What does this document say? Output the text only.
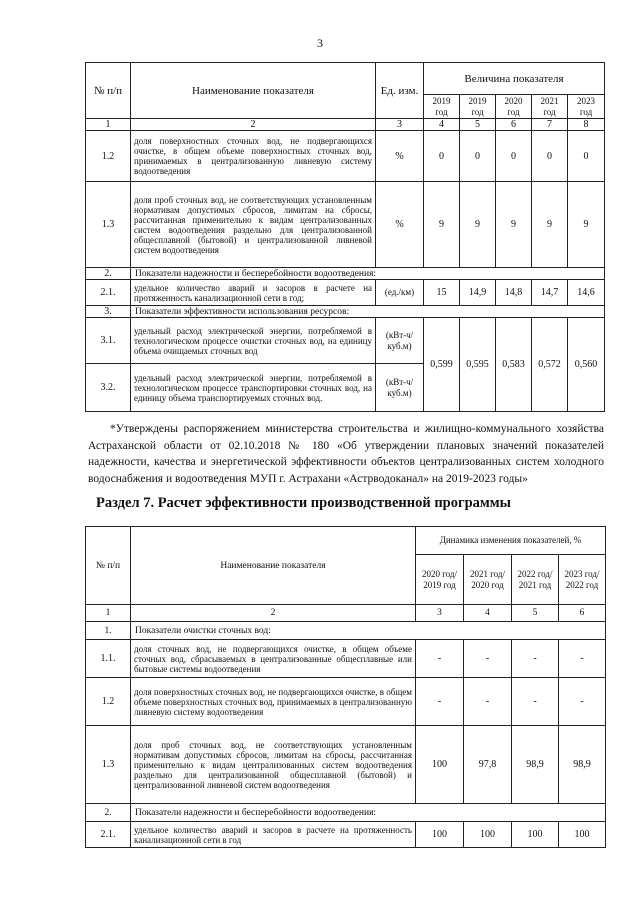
3
№ п/п	Наименование показателя	Ед. изм.	Величина показателя				
			2019 год	2019 год	2020 год	2021 год	2023 год
1	2	3	4	5	6	7	8
1.2	доля поверхностных сточных вод, не подвергающихся очистке, в общем объеме поверхностных сточных вод, принимаемых в централизованную ливневую систему водоотведения	%	0	0	0	0	0
1.3	доля проб сточных вод, не соответствующих установленным нормативам допустимых сбросов, лимитам на сбросы, рассчитанная применительно к видам централизованных систем водоотведения раздельно для централизованной общесплавной (бытовой) и централизованной ливневой систем водоотведения	%	9	9	9	9	9
2.	Показатели надежности и бесперебойности водоотведения:						
2.1.	удельное количество аварий и засоров в расчете на протяженность канализационной сети в год;	(ед./км)	15	14,9	14,8	14,7	14,6
3.	Показатели эффективности использования ресурсов:						
3.1.	удельный расход электрической энергии, потребляемой в технологическом процессе очистки сточных вод, на единицу объема очищаемых сточных вод	(кВт-ч/куб.м)	0,599	0,595	0,583	0,572	0,560
3.2.	удельный расход электрической энергии, потребляемой в технологическом процессе транспортировки сточных вод, на единицу объема транспортируемых сточных вод.	(кВт-ч/куб.м)					
*Утверждены распоряжением министерства строительства и жилищно-коммунального хозяйства Астраханской области от 02.10.2018 № 180 «Об утверждении плановых значений показателей надежности, качества и энергетической эффективности объектов централизованных систем холодного водоснабжения и водоотведения МУП г. Астрахани «Астрводоканал» на 2019-2023 годы»
Раздел 7. Расчет эффективности производственной программы
№ п/п	Наименование показателя	Динамика изменения показателей, %			
		2020 год/ 2019 год	2021 год/ 2020 год	2022 год/ 2021 год	2023 год/ 2022 год
1	2	3	4	5	6
1.	Показатели очистки сточных вод:				
1.1.	доля сточных вод, не подвергающихся очистке, в общем объеме сточных вод, сбрасываемых в централизованные общесплавные или бытовые системы водоотведения	-	-	-	-
1.2	доля поверхностных сточных вод, не подвергающихся очистке, в общем объеме поверхностных сточных вод, принимаемых в централизованную ливневую систему водоотведения	-	-	-	-
1.3	доля проб сточных вод, не соответствующих установленным нормативам допустимых сбросов, лимитам на сбросы, рассчитанная применительно к видам централизованных систем водоотведения раздельно для централизованной общесплавной (бытовой) и централизованной ливневой систем водоотведения	100	97,8	98,9	98,9
2.	Показатели надежности и бесперебойности водоотведения:				
2.1.	удельное количество аварий и засоров в расчете на протяженность канализационной сети в год	100	100	100	100
